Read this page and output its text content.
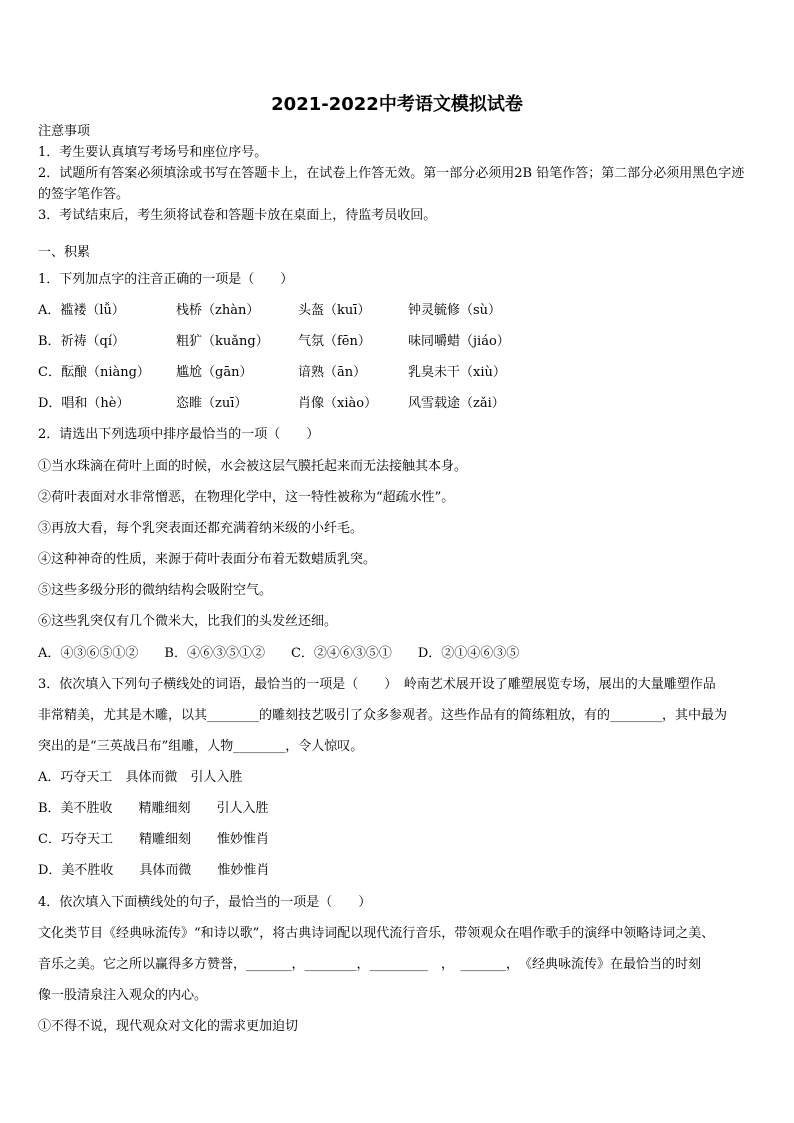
2021-2022中考语文模拟试卷
注意事项
1．考生要认真填写考场号和座位序号。
2．试题所有答案必须填涂或书写在答题卡上，在试卷上作答无效。第一部分必须用2B 铅笔作答；第二部分必须用黑色字迹的签字笔作答。
3．考试结束后，考生须将试卷和答题卡放在桌面上，待监考员收回。
一、积累
1．下列加点字的注音正确的一项是（　　）
A．褴褛（lǚ）	栈桥（zhàn）	头盔（kuī）	钟灵毓修（sù）
B．祈祷（qí）	粗犷（kuǎng）	气氛（fēn）	味同嚼蜡（jiáo）
C．酝酿（niàng）	尴尬（gān）	谙熟（ān）	乳臭未干（xiù）
D．唱和（hè）	恣睢（zuī）	肖像（xiào）	风雪载途（zǎi）
2．请选出下列选项中排序最恰当的一项（　　）
①当水珠滴在荷叶上面的时候，水会被这层气膜托起来而无法接触其本身。
②荷叶表面对水非常憎恶，在物理化学中，这一特性被称为“超疏水性”。
③再放大看，每个乳突表面还都充满着纳米级的小纤毛。
④这种神奇的性质，来源于荷叶表面分布着无数蜡质乳突。
⑤这些多级分形的微纳结构会吸附空气。
⑥这些乳突仅有几个微米大，比我们的头发丝还细。
A．④③⑥⑤①②　　B．④⑥③⑤①②　　C．②④⑥③⑤①　　D．②①④⑥③⑤
3．依次填入下列句子横线处的词语，最恰当的一项是（　　）　岭南艺术展开设了雕塑展览专场，展出的大量雕塑作品
非常精美，尤其是木雕，以其________的雕刻技艺吸引了众多参观者。这些作品有的简练粗放，有的________，其中最为
突出的是“三英战吕布”组雕，人物________，令人惊叹。
A．巧夺天工　具体而微　引人入胜
B．美不胜收　　精雕细刻　　引人入胜
C．巧夺天工　　精雕细刻　　惟妙惟肖
D．美不胜收　　具体而微　　惟妙惟肖
4．依次填入下面横线处的句子，最恰当的一项是（　　）
文化类节目《经典咏流传》“和诗以歌”，将古典诗词配以现代流行音乐，带领观众在唱作歌手的演绎中领略诗词之美、
音乐之美。它之所以赢得多方赞誉，_______，________，_________　，　_______，　《经典咏流传》在最恰当的时刻
像一股清泉注入观众的内心。
①不得不说，现代观众对文化的需求更加迫切
